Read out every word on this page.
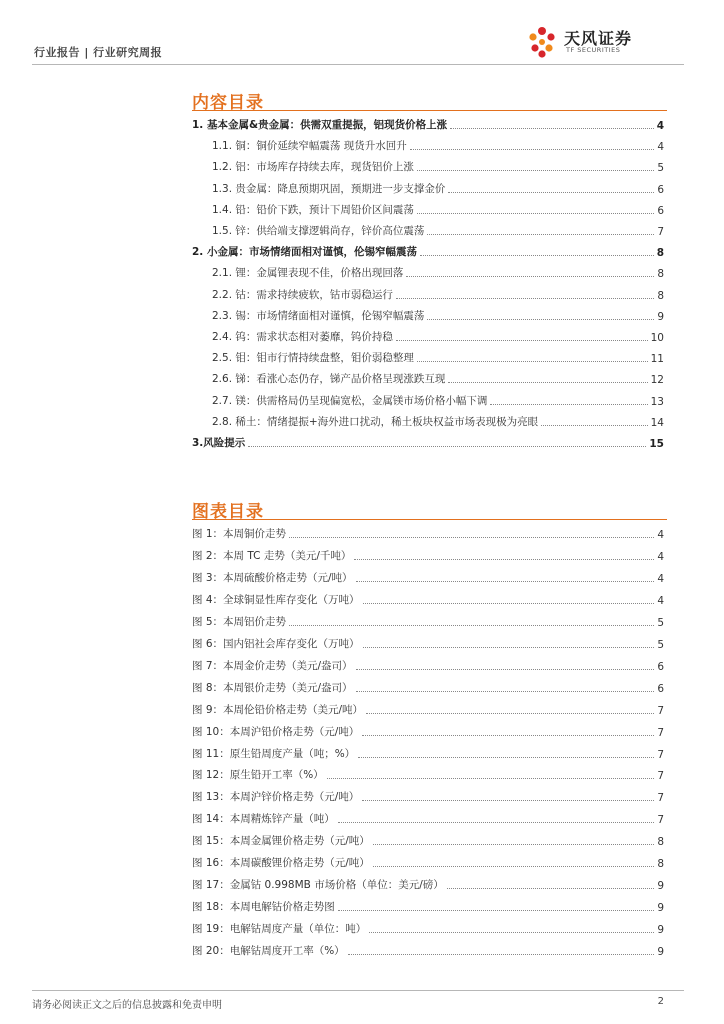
行业报告 | 行业研究周报
天风证券
TF SECURITIES
内容目录
1. 基本金属&贵金属：供需双重提振，铝现货价格上涨	4
1.1. 铜：铜价延续窄幅震荡 现货升水回升	4
1.2. 铝：市场库存持续去库，现货铝价上涨	5
1.3. 贵金属：降息预期巩固，预期进一步支撑金价	6
1.4. 铅：铅价下跌，预计下周铅价区间震荡	6
1.5. 锌：供给端支撑逻辑尚存，锌价高位震荡	7
2. 小金属：市场情绪面相对谨慎，伦锡窄幅震荡	8
2.1. 锂：金属锂表现不佳，价格出现回落	8
2.2. 钴：需求持续疲软，钴市弱稳运行	8
2.3. 锡：市场情绪面相对谨慎，伦锡窄幅震荡	9
2.4. 钨：需求状态相对萎靡，钨价持稳	10
2.5. 钼：钼市行情持续盘整，钼价弱稳整理	11
2.6. 锑：看涨心态仍存，锑产品价格呈现涨跌互现	12
2.7. 镁：供需格局仍呈现偏宽松，金属镁市场价格小幅下调	13
2.8. 稀土：情绪提振+海外进口扰动，稀土板块权益市场表现极为亮眼	14
3.风险提示	15
图表目录
图 1：本周铜价走势	4
图 2：本周 TC 走势（美元/千吨）	4
图 3：本周硫酸价格走势（元/吨）	4
图 4：全球铜显性库存变化（万吨）	4
图 5：本周铝价走势	5
图 6：国内铝社会库存变化（万吨）	5
图 7：本周金价走势（美元/盎司）	6
图 8：本周银价走势（美元/盎司）	6
图 9：本周伦铅价格走势（美元/吨）	7
图 10：本周沪铅价格走势（元/吨）	7
图 11：原生铅周度产量（吨；%）	7
图 12：原生铅开工率（%）	7
图 13：本周沪锌价格走势（元/吨）	7
图 14：本周精炼锌产量（吨）	7
图 15：本周金属锂价格走势（元/吨）	8
图 16：本周碳酸锂价格走势（元/吨）	8
图 17：金属钴 0.998MB 市场价格（单位：美元/磅）	9
图 18：本周电解钴价格走势图	9
图 19：电解钴周度产量（单位：吨）	9
图 20：电解钴周度开工率（%）	9
请务必阅读正文之后的信息披露和免责申明	2
